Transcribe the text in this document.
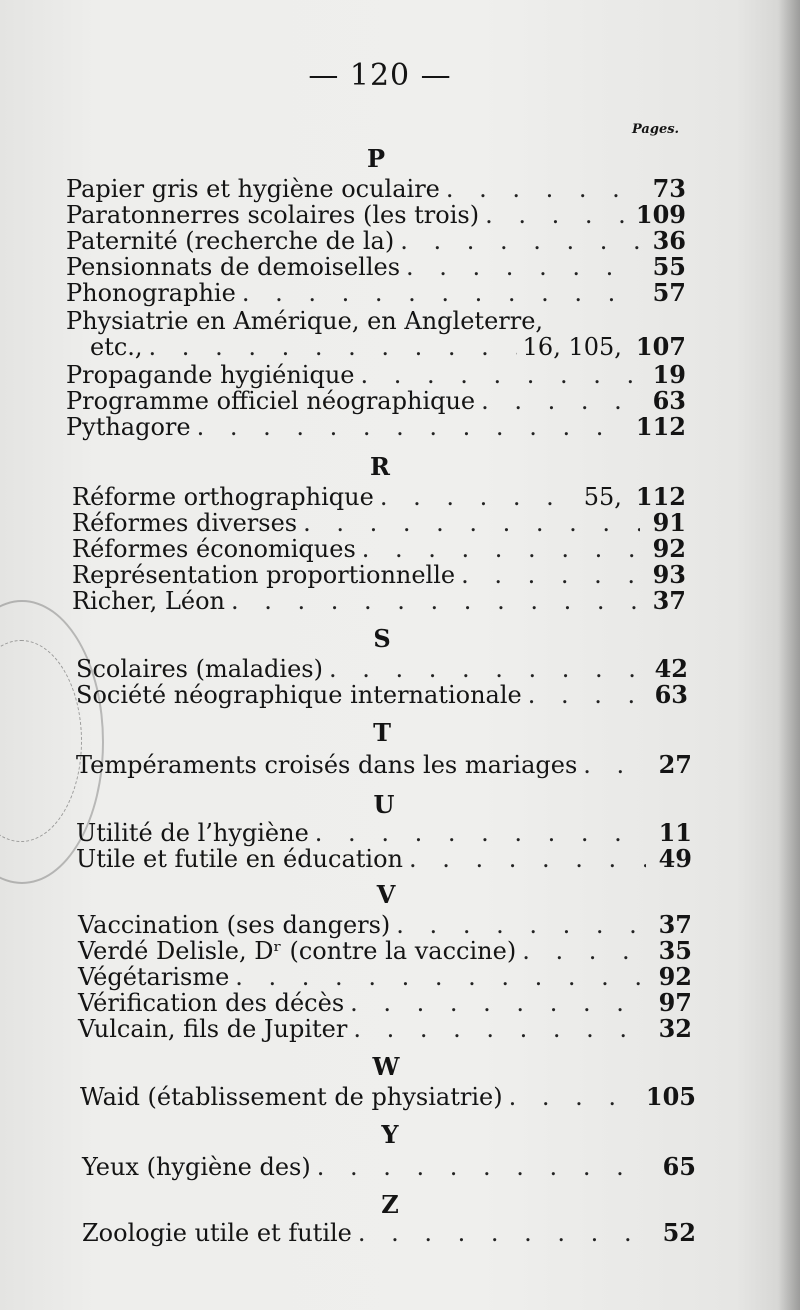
— 120 —
Pages.
P
Papier gris et hygiène oculaire . . .	73
Paratonnerres scolaires (les trois) . . .	109
Paternité (recherche de la) . . .	36
Pensionnats de demoiselles . . .	55
Phonographie . . .	57
Physiatrie en Amérique, en Angleterre,
etc., . . .	16, 105, 107
Propagande hygiénique . . .	19
Programme officiel néographique . . .	63
Pythagore . . .	112
R
Réforme orthographique . . .	55, 112
Réformes diverses . . .	91
Réformes économiques . . .	92
Représentation proportionnelle . . .	93
Richer, Léon . . .	37
S
Scolaires (maladies) . . .	42
Société néographique internationale . . .	63
T
Tempéraments croisés dans les mariages . . .	27
U
Utilité de l’hygiène . . .	11
Utile et futile en éducation . . .	49
V
Vaccination (ses dangers) . . .	37
Verdé Delisle, Dʳ (contre la vaccine) . . .	35
Végétarisme . . .	92
Vérification des décès . . .	97
Vulcain, fils de Jupiter . . .	32
W
Waid (établissement de physiatrie) . . .	105
Y
Yeux (hygiène des) . . .	65
Z
Zoologie utile et futile . . .	52
